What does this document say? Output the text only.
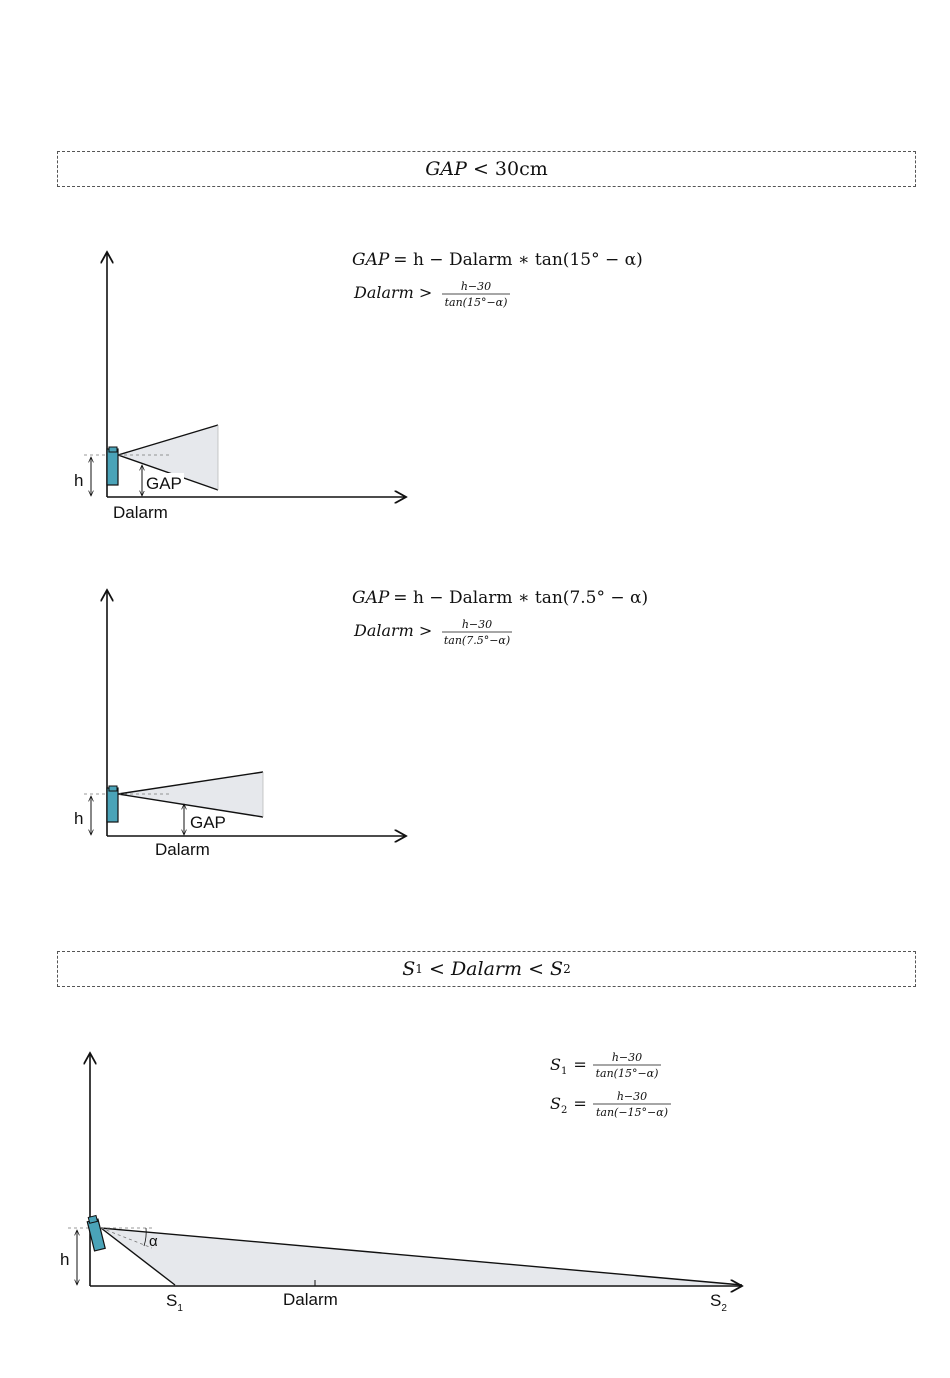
GAP
<
30cm
S 1
<
Dalarm
<
S 2
h	GAP
Dalarm
GAP = h − Dalarm ∗ tan(15° − α)
Dalarm >	h−30
tan(15°−α)
h	GAP
Dalarm
GAP = h − Dalarm ∗ tan(7.5° − α)
Dalarm >	h−30
tan(7.5°−α)
h
α
$S_1$	Dalarm	$S_2$
$S_1 = h-30$
tan(15°−α)
$S_2$ =	h−30
tan(−15°−α)
